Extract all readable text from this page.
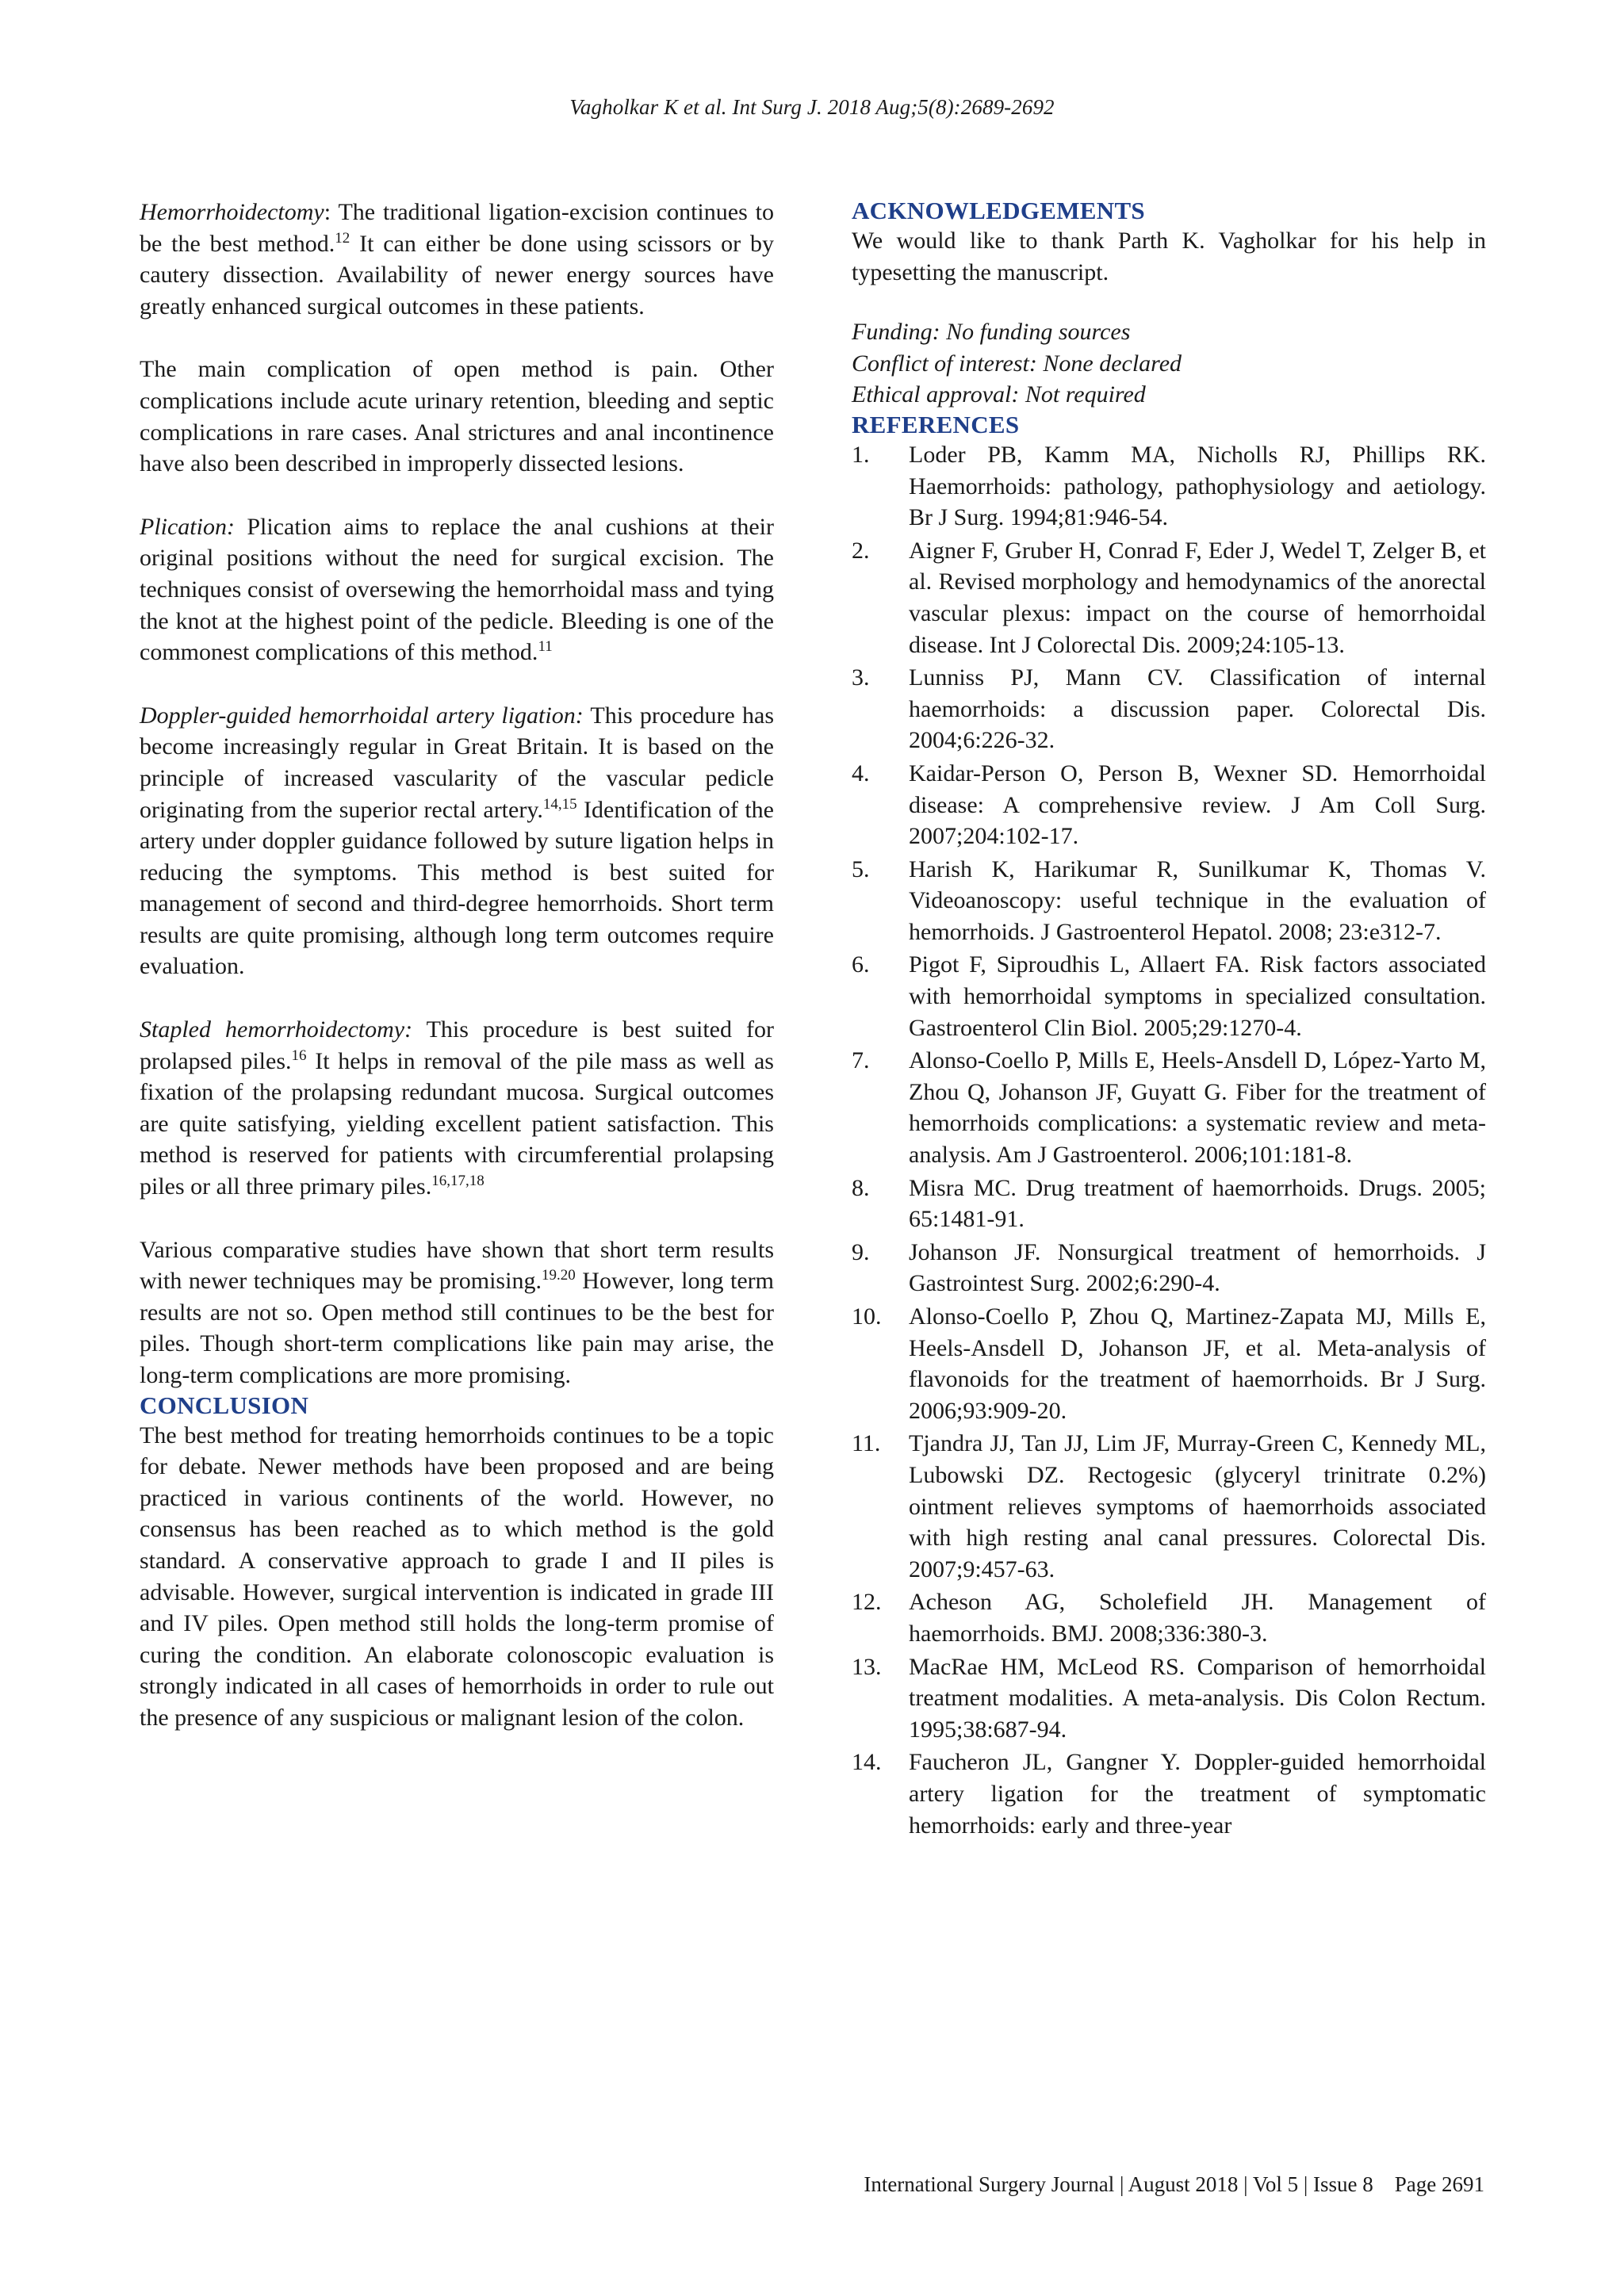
Vagholkar K et al. Int Surg J. 2018 Aug;5(8):2689-2692

Hemorrhoidectomy: The traditional ligation-excision continues to be the best method.$^{12}$ It can either be done using scissors or by cautery dissection. Availability of newer energy sources have greatly enhanced surgical outcomes in these patients.

The main complication of open method is pain. Other complications include acute urinary retention, bleeding and septic complications in rare cases. Anal strictures and anal incontinence have also been described in improperly dissected lesions.

Plication: Plication aims to replace the anal cushions at their original positions without the need for surgical excision. The techniques consist of oversewing the hemorrhoidal mass and tying the knot at the highest point of the pedicle. Bleeding is one of the commonest complications of this method.$^{11}$

Doppler-guided hemorrhoidal artery ligation: This procedure has become increasingly regular in Great Britain. It is based on the principle of increased vascularity of the vascular pedicle originating from the superior rectal artery.$^{14,15}$ Identification of the artery under doppler guidance followed by suture ligation helps in reducing the symptoms. This method is best suited for management of second and third-degree hemorrhoids. Short term results are quite promising, although long term outcomes require evaluation.

Stapled hemorrhoidectomy: This procedure is best suited for prolapsed piles.$^{16}$ It helps in removal of the pile mass as well as fixation of the prolapsing redundant mucosa. Surgical outcomes are quite satisfying, yielding excellent patient satisfaction. This method is reserved for patients with circumferential prolapsing piles or all three primary piles.$^{16,17,18}$

Various comparative studies have shown that short term results with newer techniques may be promising.$^{19.20}$ However, long term results are not so. Open method still continues to be the best for piles. Though short-term complications like pain may arise, the long-term complications are more promising.

CONCLUSION

The best method for treating hemorrhoids continues to be a topic for debate. Newer methods have been proposed and are being practiced in various continents of the world. However, no consensus has been reached as to which method is the gold standard. A conservative approach to grade I and II piles is advisable. However, surgical intervention is indicated in grade III and IV piles. Open method still holds the long-term promise of curing the condition. An elaborate colonoscopic evaluation is strongly indicated in all cases of hemorrhoids in order to rule out the presence of any suspicious or malignant lesion of the colon.

ACKNOWLEDGEMENTS

We would like to thank Parth K. Vagholkar for his help in typesetting the manuscript.

Funding: No funding sources
Conflict of interest: None declared
Ethical approval: Not required
REFERENCES
1.	Loder PB, Kamm MA, Nicholls RJ, Phillips RK. Haemorrhoids: pathology, pathophysiology and aetiology. Br J Surg. 1994;81:946-54.
2.	Aigner F, Gruber H, Conrad F, Eder J, Wedel T, Zelger B, et al. Revised morphology and hemodynamics of the anorectal vascular plexus: impact on the course of hemorrhoidal disease. Int J Colorectal Dis. 2009;24:105-13.
3.	Lunniss PJ, Mann CV. Classification of internal haemorrhoids: a discussion paper. Colorectal Dis. 2004;6:226-32.
4.	Kaidar-Person O, Person B, Wexner SD. Hemorrhoidal disease: A comprehensive review. J Am Coll Surg. 2007;204:102-17.
5.	Harish K, Harikumar R, Sunilkumar K, Thomas V. Videoanoscopy: useful technique in the evaluation of hemorrhoids. J Gastroenterol Hepatol. 2008; 23:e312-7.
6.	Pigot F, Siproudhis L, Allaert FA. Risk factors associated with hemorrhoidal symptoms in specialized consultation. Gastroenterol Clin Biol. 2005;29:1270-4.
7.	Alonso-Coello P, Mills E, Heels-Ansdell D, López-Yarto M, Zhou Q, Johanson JF, Guyatt G. Fiber for the treatment of hemorrhoids complications: a systematic review and meta-analysis. Am J Gastroenterol. 2006;101:181-8.
8.	Misra MC. Drug treatment of haemorrhoids. Drugs. 2005; 65:1481-91.
9.	Johanson JF. Nonsurgical treatment of hemorrhoids. J Gastrointest Surg. 2002;6:290-4.
10.	Alonso-Coello P, Zhou Q, Martinez-Zapata MJ, Mills E, Heels-Ansdell D, Johanson JF, et al. Meta-analysis of flavonoids for the treatment of haemorrhoids. Br J Surg. 2006;93:909-20.
11.	Tjandra JJ, Tan JJ, Lim JF, Murray-Green C, Kennedy ML, Lubowski DZ. Rectogesic (glyceryl trinitrate 0.2%) ointment relieves symptoms of haemorrhoids associated with high resting anal canal pressures. Colorectal Dis. 2007;9:457-63.
12.	Acheson AG, Scholefield JH. Management of haemorrhoids. BMJ. 2008;336:380-3.
13.	MacRae HM, McLeod RS. Comparison of hemorrhoidal treatment modalities. A meta-analysis. Dis Colon Rectum. 1995;38:687-94.
14.	Faucheron JL, Gangner Y. Doppler-guided hemorrhoidal artery ligation for the treatment of symptomatic hemorrhoids: early and three-year
International Surgery Journal | August 2018 | Vol 5 | Issue 8    Page 2691
